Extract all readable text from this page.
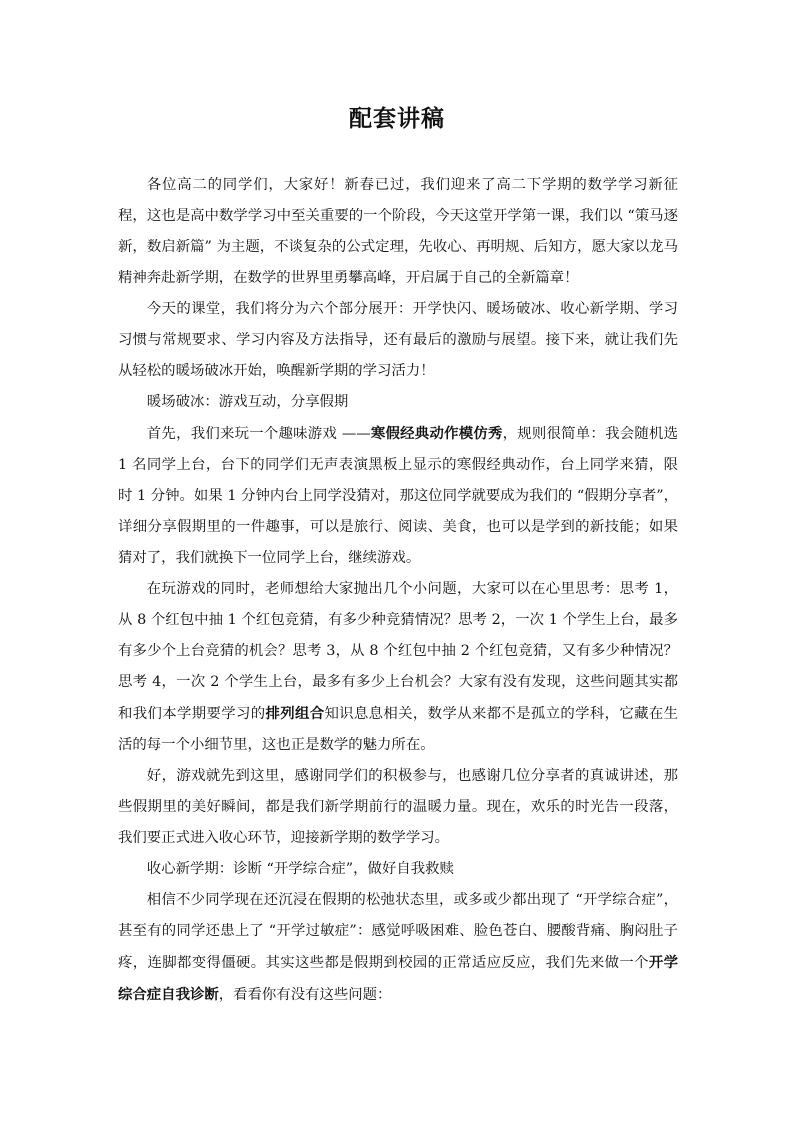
配套讲稿

各位高二的同学们，大家好！新春已过，我们迎来了高二下学期的数学学习新征程，这也是高中数学学习中至关重要的一个阶段，今天这堂开学第一课，我们以 “策马逐新，数启新篇” 为主题，不谈复杂的公式定理，先收心、再明规、后知方，愿大家以龙马精神奔赴新学期，在数学的世界里勇攀高峰，开启属于自己的全新篇章！

今天的课堂，我们将分为六个部分展开：开学快闪、暖场破冰、收心新学期、学习习惯与常规要求、学习内容及方法指导，还有最后的激励与展望。接下来，就让我们先从轻松的暖场破冰开始，唤醒新学期的学习活力！

暖场破冰：游戏互动，分享假期

首先，我们来玩一个趣味游戏 ——寒假经典动作模仿秀，规则很简单：我会随机选 1 名同学上台，台下的同学们无声表演黑板上显示的寒假经典动作，台上同学来猜，限时 1 分钟。如果 1 分钟内台上同学没猜对，那这位同学就要成为我们的 “假期分享者”，详细分享假期里的一件趣事，可以是旅行、阅读、美食，也可以是学到的新技能；如果猜对了，我们就换下一位同学上台，继续游戏。

在玩游戏的同时，老师想给大家抛出几个小问题，大家可以在心里思考：思考 1，从 8 个红包中抽 1 个红包竞猜，有多少种竞猜情况？思考 2，一次 1 个学生上台，最多有多少个上台竞猜的机会？思考 3，从 8 个红包中抽 2 个红包竞猜，又有多少种情况？思考 4，一次 2 个学生上台，最多有多少上台机会？大家有没有发现，这些问题其实都和我们本学期要学习的排列组合知识息息相关，数学从来都不是孤立的学科，它藏在生活的每一个小细节里，这也正是数学的魅力所在。

好，游戏就先到这里，感谢同学们的积极参与，也感谢几位分享者的真诚讲述，那些假期里的美好瞬间，都是我们新学期前行的温暖力量。现在，欢乐的时光告一段落，我们要正式进入收心环节，迎接新学期的数学学习。

收心新学期：诊断 “开学综合症”，做好自我救赎

相信不少同学现在还沉浸在假期的松弛状态里，或多或少都出现了 “开学综合症”，甚至有的同学还患上了 “开学过敏症”：感觉呼吸困难、脸色苍白、腰酸背痛、胸闷肚子疼，连脚都变得僵硬。其实这些都是假期到校园的正常适应反应，我们先来做一个开学综合症自我诊断，看看你有没有这些问题：
